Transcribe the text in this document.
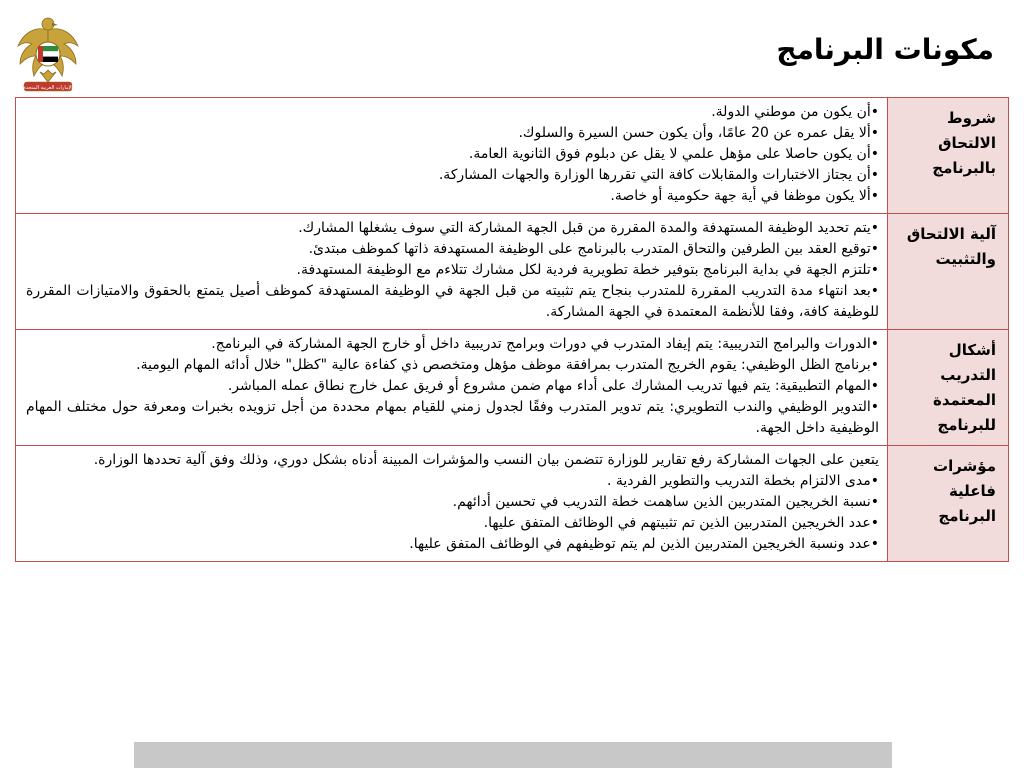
الإمارات العربية المتحدة
مكونات البرنامج
شروط الالتحاق بالبرنامج	•أن يكون من موطني الدولة.

•ألا يقل عمره عن 20 عامًا، وأن يكون حسن السيرة والسلوك.

•أن يكون حاصلا على مؤهل علمي لا يقل عن دبلوم فوق الثانوية العامة.

•أن يجتاز الاختبارات والمقابلات كافة التي تقررها الوزارة والجهات المشاركة.

•ألا يكون موظفا في أية جهة حكومية أو خاصة.

آلية الالتحاق والتثبيت	•يتم تحديد الوظيفة المستهدفة والمدة المقررة من قبل الجهة المشاركة التي سوف يشغلها المشارك.

•توقيع العقد بين الطرفين والتحاق المتدرب بالبرنامج على الوظيفة المستهدفة ذاتها كموظف مبتدئ.

•تلتزم الجهة في بداية البرنامج بتوفير خطة تطويرية فردية لكل مشارك تتلاءم مع الوظيفة المستهدفة.

•بعد انتهاء مدة التدريب المقررة للمتدرب بنجاح يتم تثبيته من قبل الجهة في الوظيفة المستهدفة كموظف أصيل يتمتع بالحقوق والامتيازات المقررة للوظيفة كافة، وفقا للأنظمة المعتمدة في الجهة المشاركة.

أشكال التدريب المعتمدة للبرنامج	•الدورات والبرامج التدريبية: يتم إيفاد المتدرب في دورات وبرامج تدريبية داخل أو خارج الجهة المشاركة في البرنامج.

•برنامج الظل الوظيفي: يقوم الخريج المتدرب بمرافقة موظف مؤهل ومتخصص ذي كفاءة عالية "كظل" خلال أدائه المهام اليومية.

•المهام التطبيقية: يتم فيها تدريب المشارك على أداء مهام ضمن مشروع أو فريق عمل خارج نطاق عمله المباشر.

•التدوير الوظيفي والندب التطويري: يتم تدوير المتدرب وفقًا لجدول زمني للقيام بمهام محددة من أجل تزويده بخبرات ومعرفة حول مختلف المهام الوظيفية داخل الجهة.

مؤشرات فاعلية البرنامج	يتعين على الجهات المشاركة رفع تقارير للوزارة تتضمن بيان النسب والمؤشرات المبينة أدناه بشكل دوري، وذلك وفق آلية تحددها الوزارة.

•مدى الالتزام بخطة التدريب والتطوير الفردية .

•نسبة الخريجين المتدربين الذين ساهمت خطة التدريب في تحسين أدائهم.

•عدد الخريجين المتدربين الذين تم تثبيتهم في الوظائف المتفق عليها.

•عدد ونسبة الخريجين المتدربين الذين لم يتم توظيفهم في الوظائف المتفق عليها.
